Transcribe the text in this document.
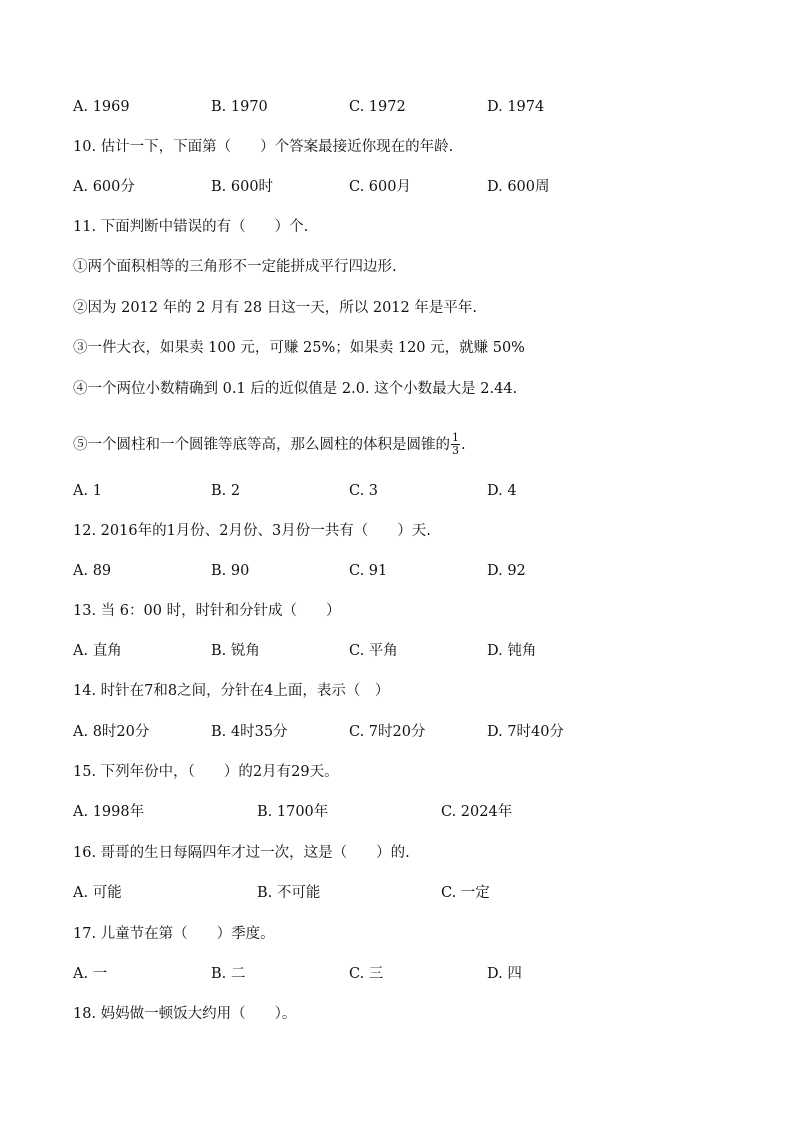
A. 1969	B. 1970	C. 1972	D. 1974
10. 估计一下，下面第（　　）个答案最接近你现在的年龄.
A. 600分	B. 600时	C. 600月	D. 600周
11. 下面判断中错误的有（　　）个.
①两个面积相等的三角形不一定能拼成平行四边形.
②因为 2012 年的 2 月有 28 日这一天，所以 2012 年是平年.
③一件大衣，如果卖 100 元，可赚 25%；如果卖 120 元，就赚 50%
④一个两位小数精确到 0.1 后的近似值是 2.0. 这个小数最大是 2.44.
⑤一个圆柱和一个圆锥等底等高，那么圆柱的体积是圆锥的 $\frac{1}{3}$ .
A. 1	B. 2	C. 3	D. 4
12. 2016年的1月份、2月份、3月份一共有（　　）天.
A. 89	B. 90	C. 91	D. 92
13. 当 6：00 时，时针和分针成（　　）
A. 直角	B. 锐角	C. 平角	D. 钝角
14. 时针在7和8之间，分针在4上面，表示（　）
A. 8时20分	B. 4时35分	C. 7时20分	D. 7时40分
15. 下列年份中，（　　）的2月有29天。
A. 1998年	B. 1700年	C. 2024年
16. 哥哥的生日每隔四年才过一次，这是（　　）的.
A. 可能	B. 不可能	C. 一定
17. 儿童节在第（　　）季度。
A. 一	B. 二	C. 三	D. 四
18. 妈妈做一顿饭大约用（　　）。
